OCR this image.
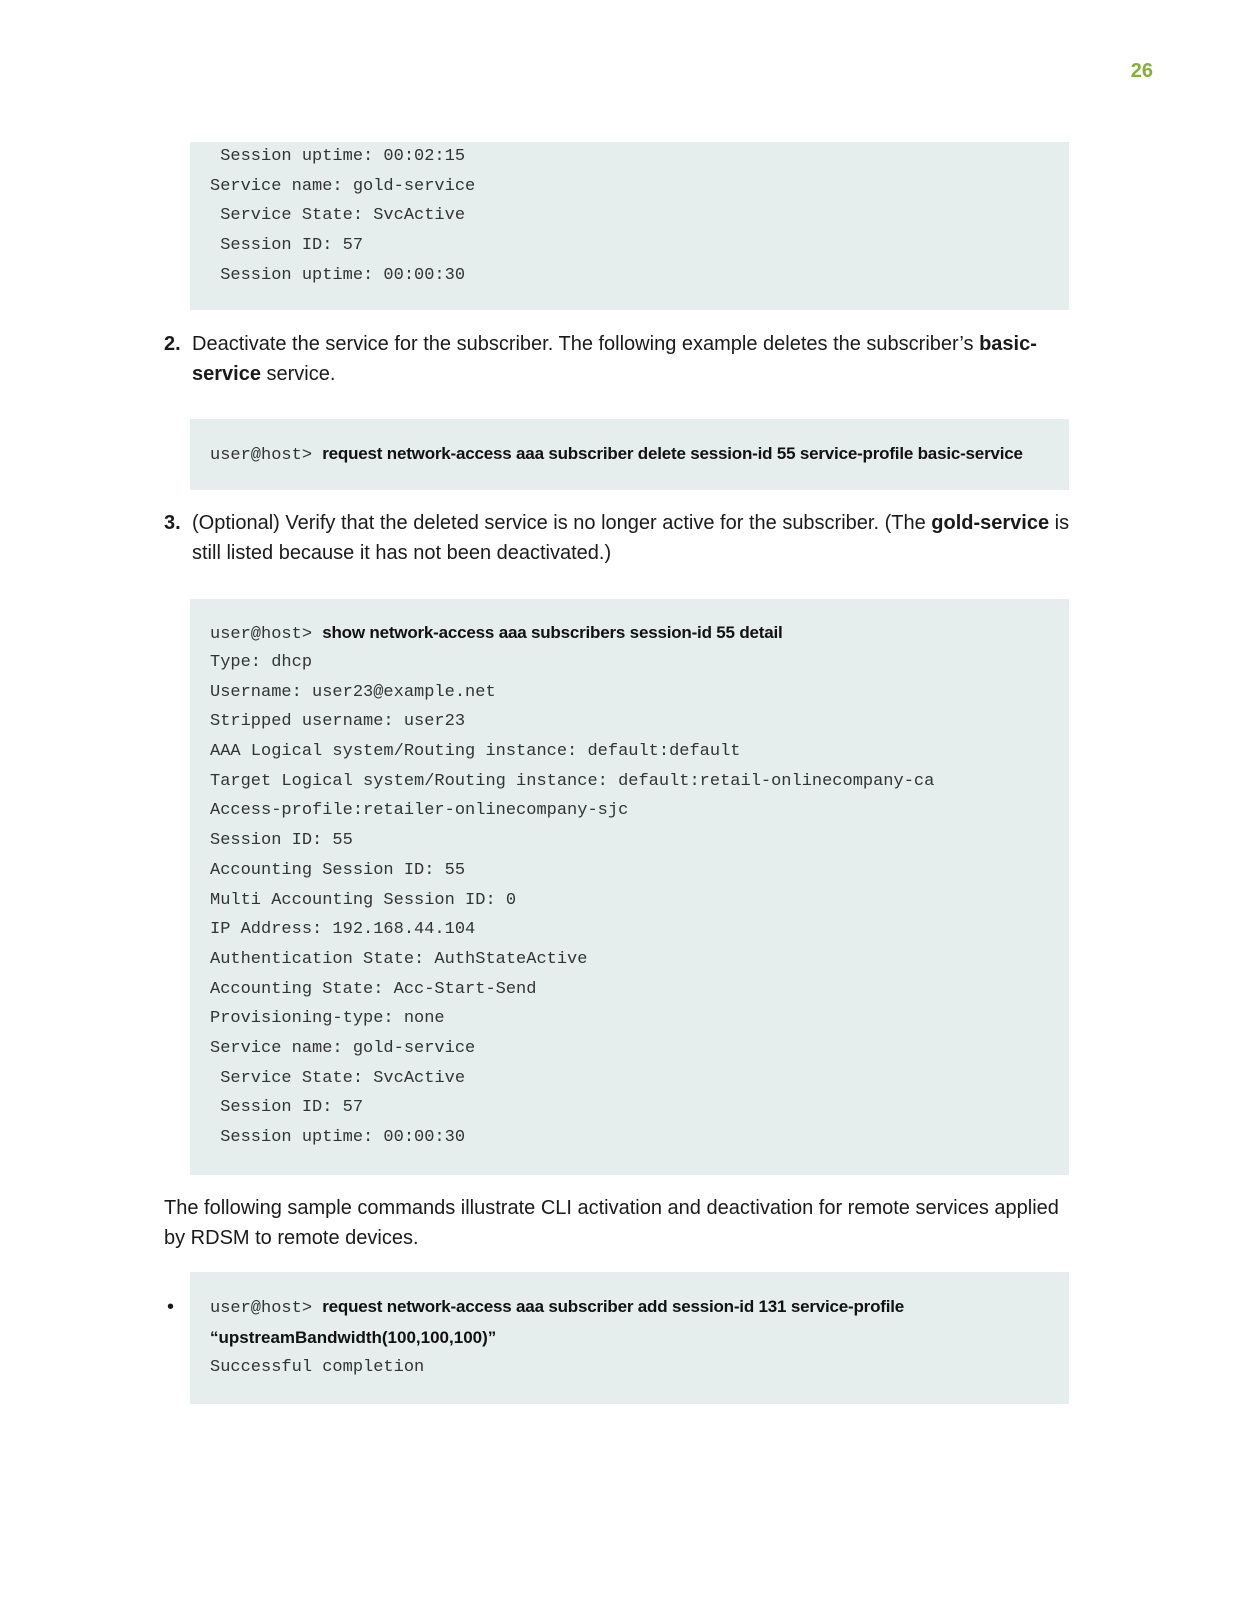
26
Session uptime: 00:02:15
Service name: gold-service
Service State: SvcActive
Session ID: 57
Session uptime: 00:00:30
2. Deactivate the service for the subscriber. The following example deletes the subscriber’s basic-service service.
user@host> request network-access aaa subscriber delete session-id 55 service-profile basic-service
3. (Optional) Verify that the deleted service is no longer active for the subscriber. (The gold-service is still listed because it has not been deactivated.)
user@host> show network-access aaa subscribers session-id 55 detail
Type: dhcp
Username: user23@example.net
Stripped username: user23
AAA Logical system/Routing instance: default:default
Target Logical system/Routing instance: default:retail-onlinecompany-ca
Access-profile:retailer-onlinecompany-sjc
Session ID: 55
Accounting Session ID: 55
Multi Accounting Session ID: 0
IP Address: 192.168.44.104
Authentication State: AuthStateActive
Accounting State: Acc-Start-Send
Provisioning-type: none
Service name: gold-service
Service State: SvcActive
Session ID: 57
Session uptime: 00:00:30
The following sample commands illustrate CLI activation and deactivation for remote services applied by RDSM to remote devices.
• user@host> request network-access aaa subscriber add session-id 131 service-profile
“upstreamBandwidth(100,100,100)”
Successful completion
